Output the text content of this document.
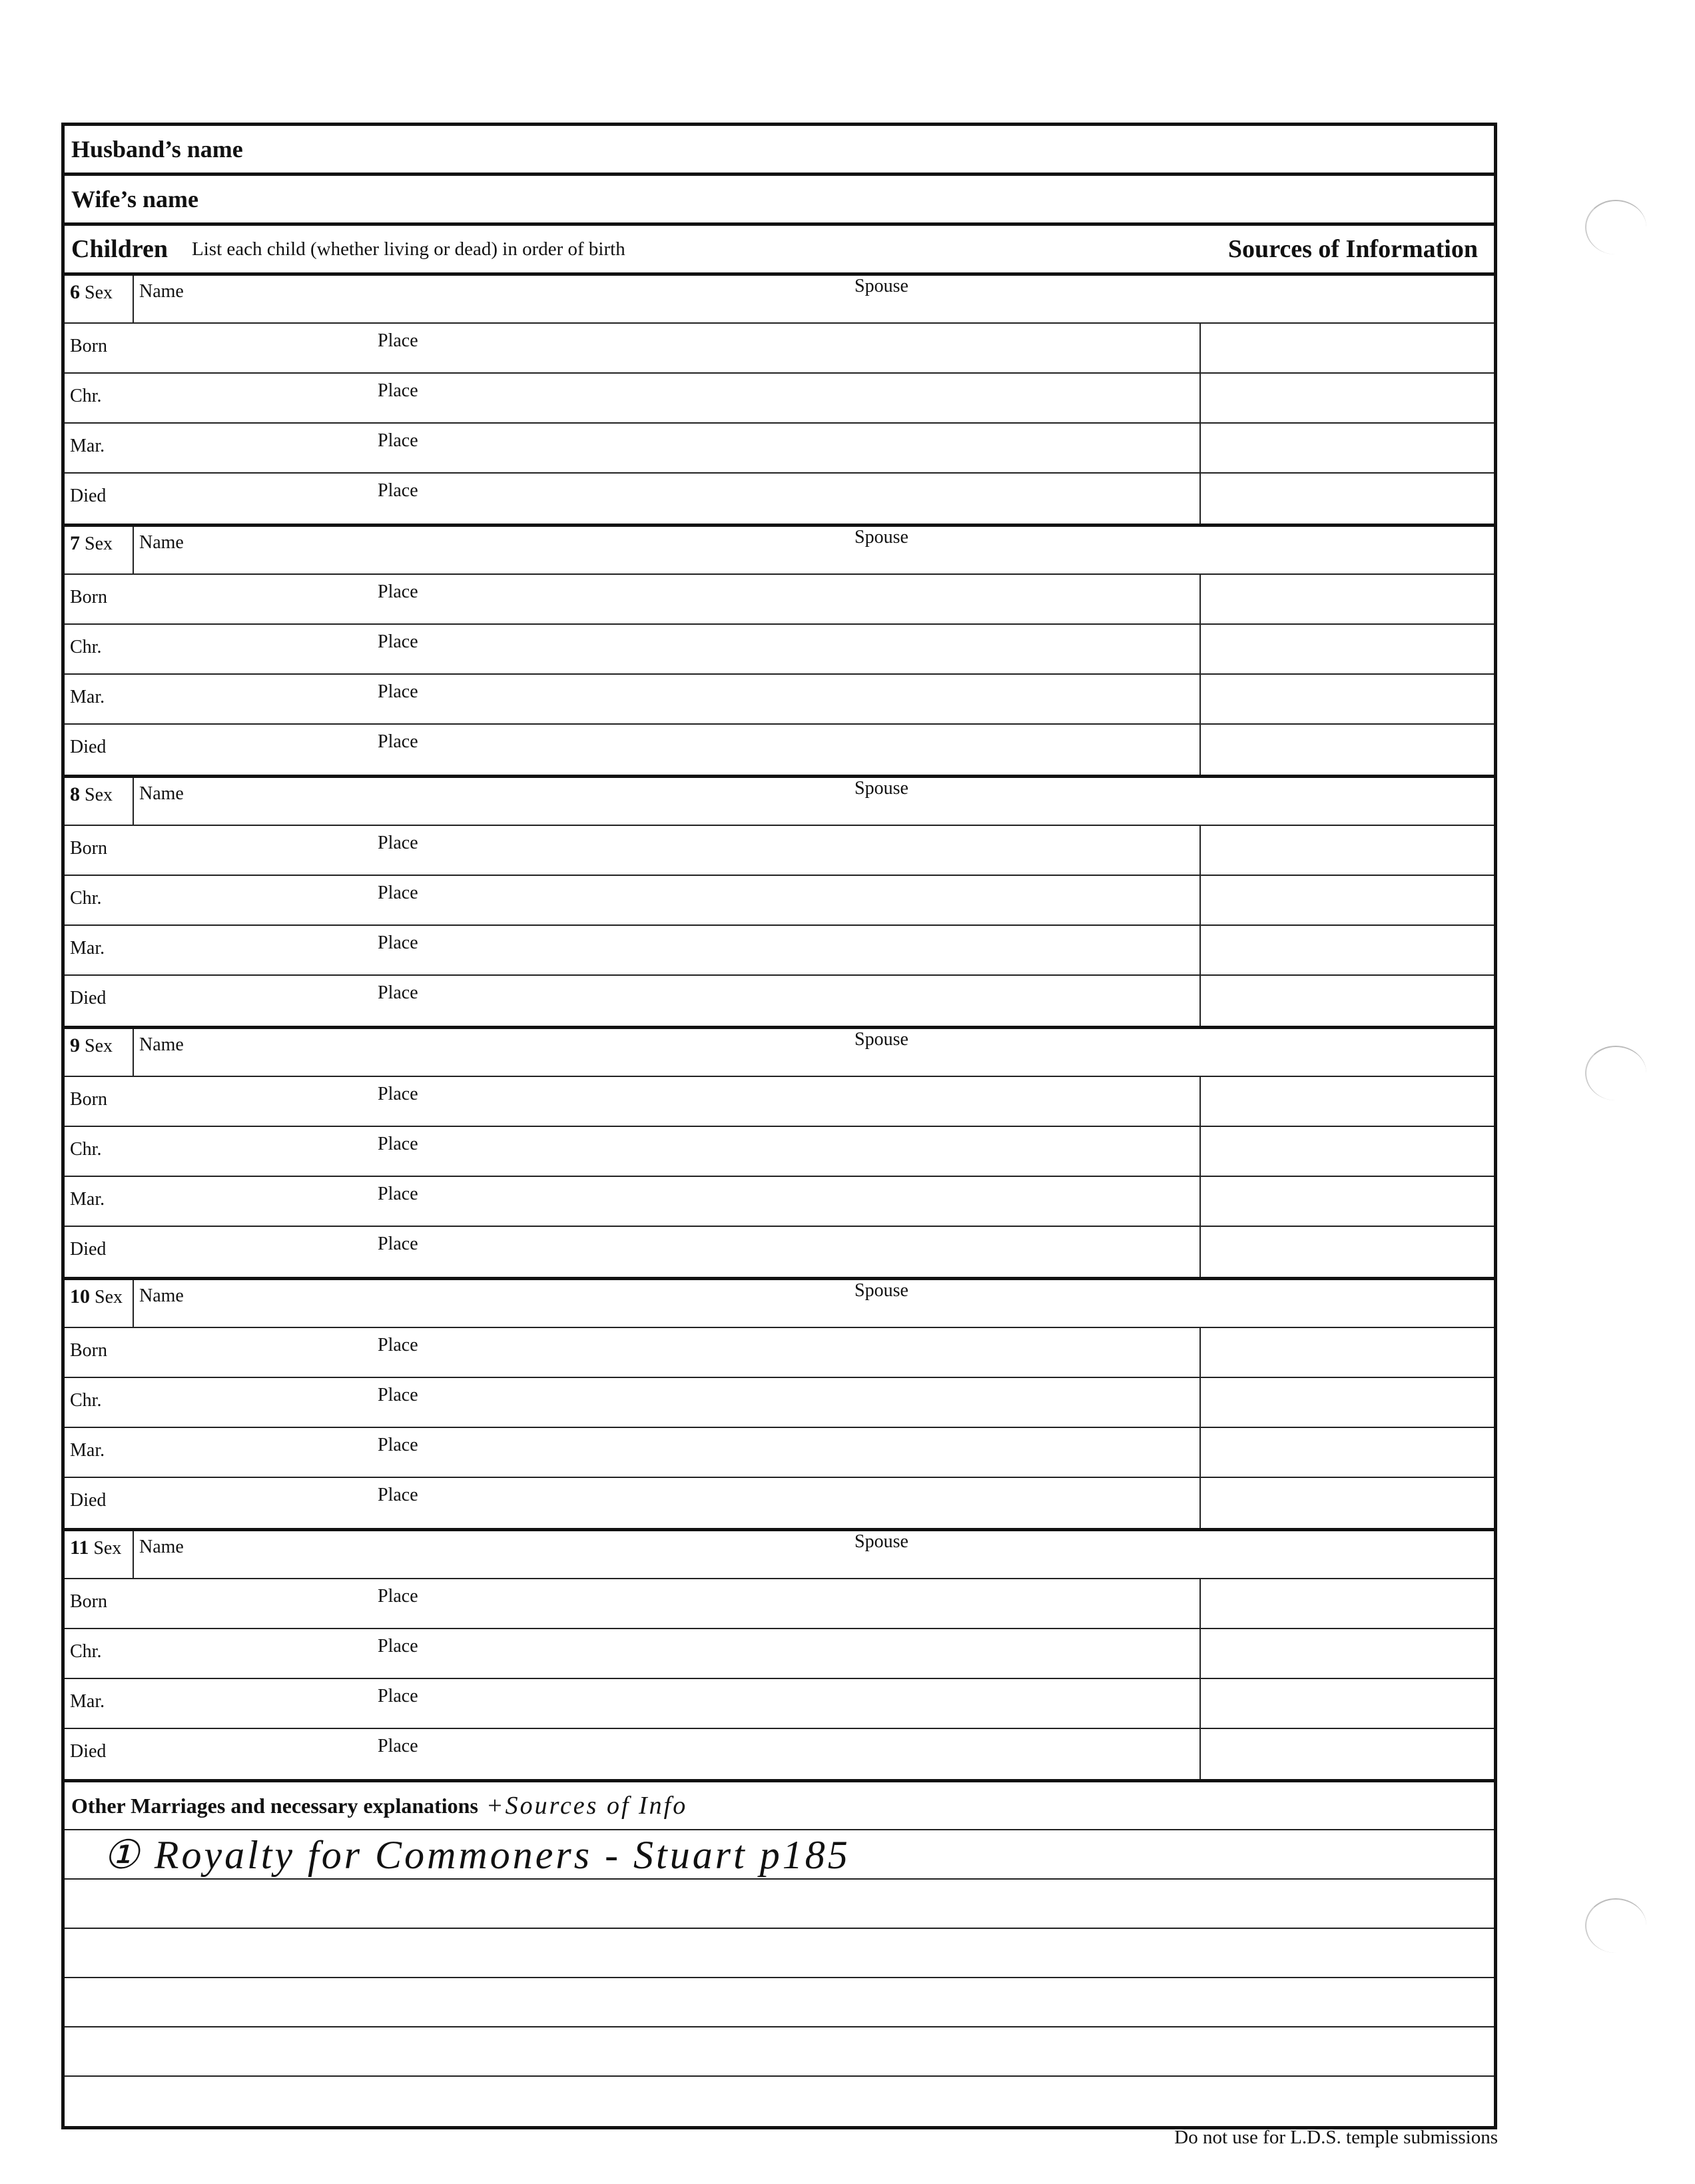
Husband’s name
Wife’s name
Children List each child (whether living or dead) in order of birth	Sources of Information
6 Sex	Name	Spouse
Born	Place
Chr.	Place
Mar.	Place
Died	Place
7 Sex	Name	Spouse
Born	Place
Chr.	Place
Mar.	Place
Died	Place
8 Sex	Name	Spouse
Born	Place
Chr.	Place
Mar.	Place
Died	Place
9 Sex	Name	Spouse
Born	Place
Chr.	Place
Mar.	Place
Died	Place
10 Sex Name	Spouse
Born	Place
Chr.	Place
Mar.	Place
Died	Place
11 Sex Name	Spouse
Born	Place
Chr.	Place
Mar.	Place
Died	Place
Other Marriages and necessary explanations +Sources of Info
① Royalty for Commoners - Stuart p185
Do not use for L.D.S. temple submissions
